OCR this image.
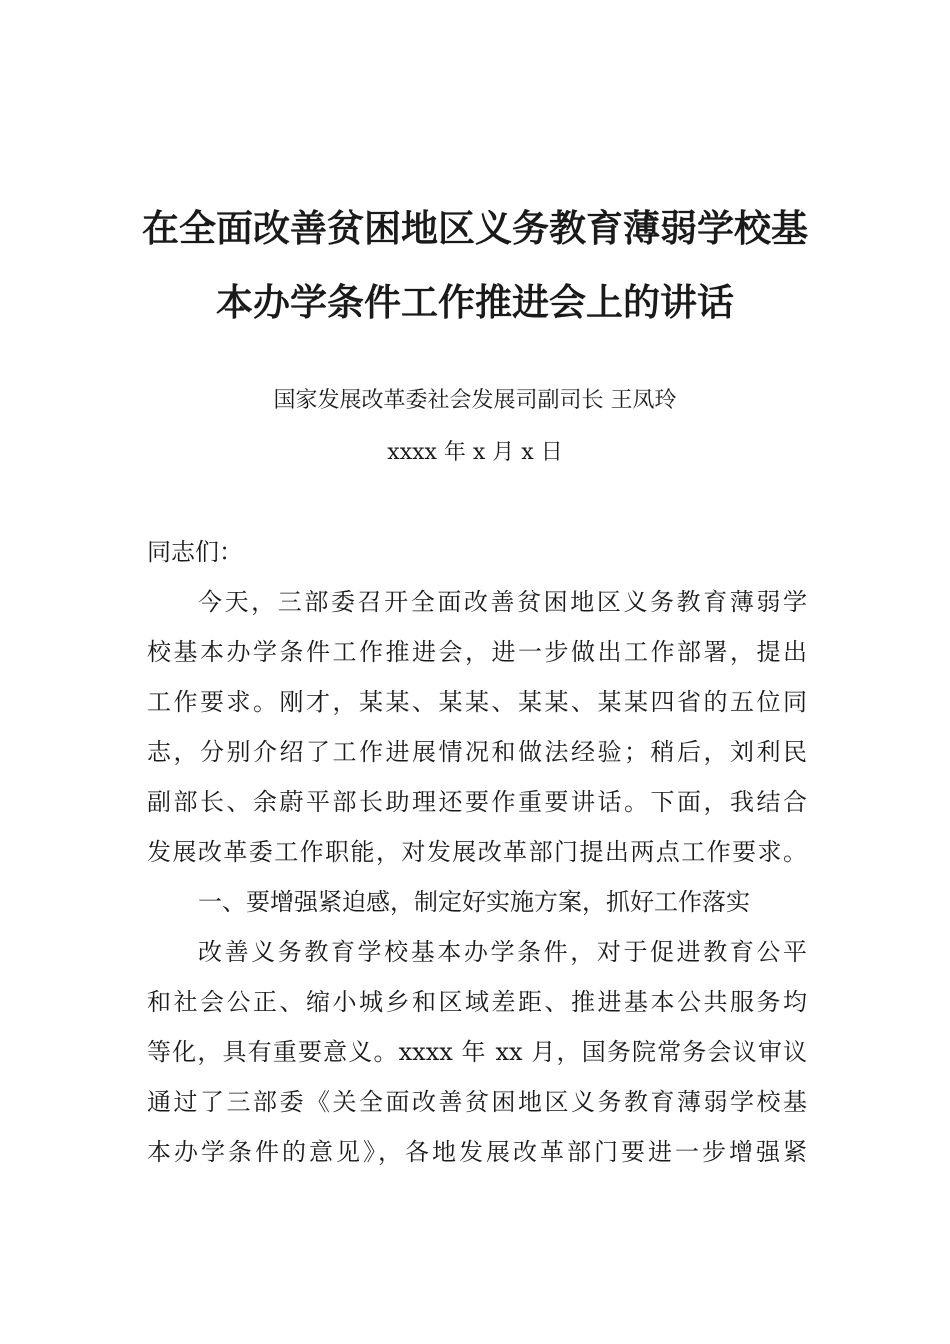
在全面改善贫困地区义务教育薄弱学校基
本办学条件工作推进会上的讲话
国家发展改革委社会发展司副司长 王凤玲
xxxx 年 x 月 x 日
同志们：
今天，三部委召开全面改善贫困地区义务教育薄弱学
校基本办学条件工作推进会，进一步做出工作部署，提出
工作要求。刚才，某某、某某、某某、某某四省的五位同
志，分别介绍了工作进展情况和做法经验；稍后，刘利民
副部长、余蔚平部长助理还要作重要讲话。下面，我结合
发展改革委工作职能，对发展改革部门提出两点工作要求。
一、要增强紧迫感，制定好实施方案，抓好工作落实
改善义务教育学校基本办学条件，对于促进教育公平
和社会公正、缩小城乡和区域差距、推进基本公共服务均
等化，具有重要意义。xxxx 年 xx 月，国务院常务会议审议
通过了三部委《关全面改善贫困地区义务教育薄弱学校基
本办学条件的意见》，各地发展改革部门要进一步增强紧
